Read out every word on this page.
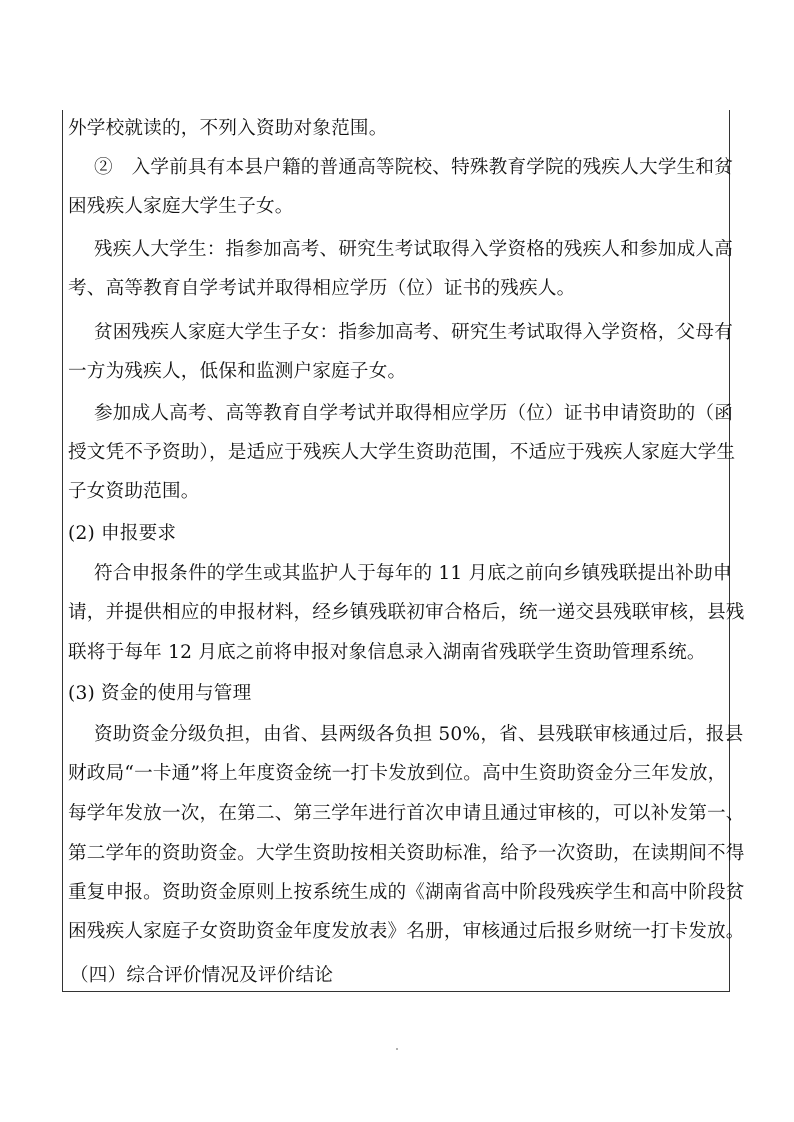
外学校就读的，不列入资助对象范围。
②　入学前具有本县户籍的普通高等院校、特殊教育学院的残疾人大学生和贫
困残疾人家庭大学生子女。
残疾人大学生：指参加高考、研究生考试取得入学资格的残疾人和参加成人高
考、高等教育自学考试并取得相应学历（位）证书的残疾人。
贫困残疾人家庭大学生子女：指参加高考、研究生考试取得入学资格，父母有
一方为残疾人，低保和监测户家庭子女。
参加成人高考、高等教育自学考试并取得相应学历（位）证书申请资助的（函
授文凭不予资助），是适应于残疾人大学生资助范围，不适应于残疾人家庭大学生
子女资助范围。
(2) 申报要求
符合申报条件的学生或其监护人于每年的 11 月底之前向乡镇残联提出补助申
请，并提供相应的申报材料，经乡镇残联初审合格后，统一递交县残联审核，县残
联将于每年 12 月底之前将申报对象信息录入湖南省残联学生资助管理系统。
(3) 资金的使用与管理
资助资金分级负担，由省、县两级各负担 50%，省、县残联审核通过后，报县
财政局“一卡通”将上年度资金统一打卡发放到位。高中生资助资金分三年发放，
每学年发放一次，在第二、第三学年进行首次申请且通过审核的，可以补发第一、
第二学年的资助资金。大学生资助按相关资助标准，给予一次资助，在读期间不得
重复申报。资助资金原则上按系统生成的《湖南省高中阶段残疾学生和高中阶段贫
困残疾人家庭子女资助资金年度发放表》名册，审核通过后报乡财统一打卡发放。
（四）综合评价情况及评价结论
